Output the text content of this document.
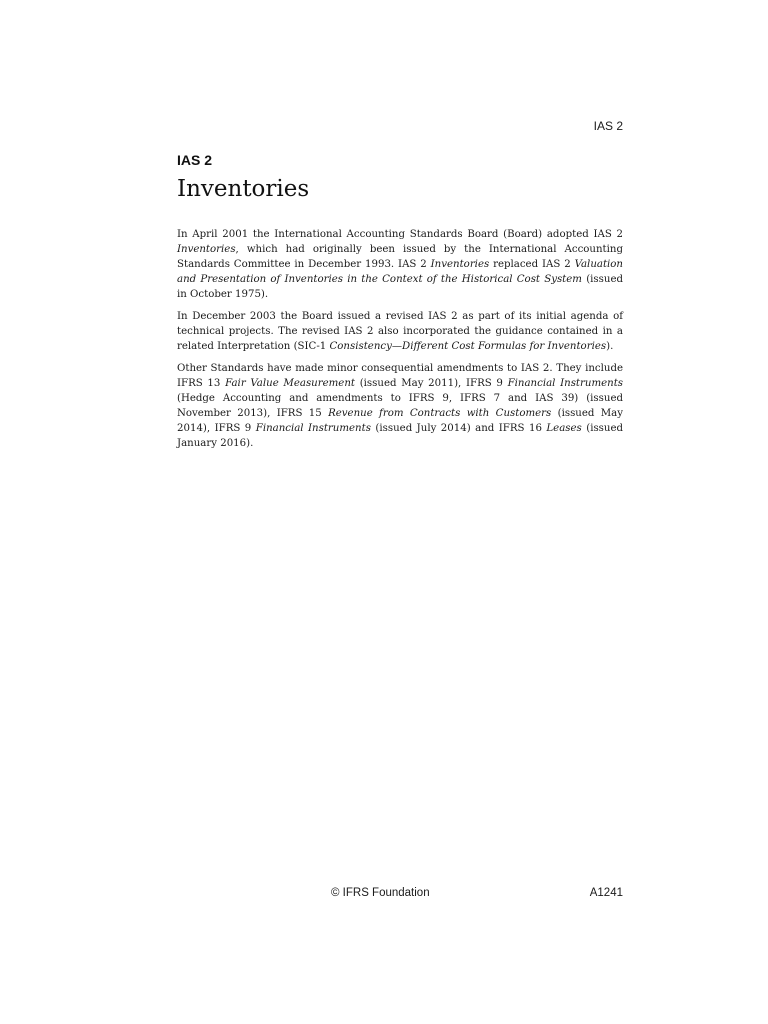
IAS 2
IAS 2
Inventories

In April 2001 the International Accounting Standards Board (Board) adopted IAS 2 Inventories, which had originally been issued by the International Accounting Standards Committee in December 1993. IAS 2 Inventories replaced IAS 2 Valuation and Presentation of Inventories in the Context of the Historical Cost System (issued in October 1975).

In December 2003 the Board issued a revised IAS 2 as part of its initial agenda of technical projects. The revised IAS 2 also incorporated the guidance contained in a related Interpretation (SIC-1 Consistency—Different Cost Formulas for Inventories).

Other Standards have made minor consequential amendments to IAS 2. They include IFRS 13 Fair Value Measurement (issued May 2011), IFRS 9 Financial Instruments (Hedge Accounting and amendments to IFRS 9, IFRS 7 and IAS 39) (issued November 2013), IFRS 15 Revenue from Contracts with Customers (issued May 2014), IFRS 9 Financial Instruments (issued July 2014) and IFRS 16 Leases (issued January 2016).

© IFRS Foundation	A1241
